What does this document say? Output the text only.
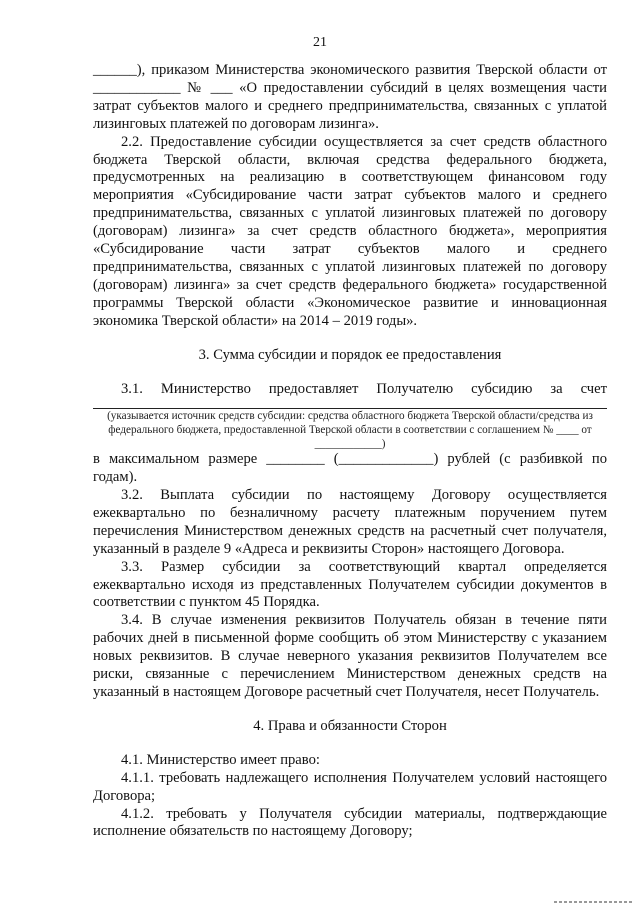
21

______), приказом Министерства экономического развития Тверской области от ____________ № ___ «О предоставлении субсидий в целях возмещения части затрат субъектов малого и среднего предпринимательства, связанных с уплатой лизинговых платежей по договорам лизинга».

2.2. Предоставление субсидии осуществляется за счет средств областного бюджета Тверской области, включая средства федерального бюджета, предусмотренных на реализацию в соответствующем финансовом году мероприятия «Субсидирование части затрат субъектов малого и среднего предпринимательства, связанных с уплатой лизинговых платежей по договору (договорам) лизинга» за счет средств областного бюджета», мероприятия «Субсидирование части затрат субъектов малого и среднего предпринимательства, связанных с уплатой лизинговых платежей по договору (договорам) лизинга» за счет средств федерального бюджета» государственной программы Тверской области «Экономическое развитие и инновационная экономика Тверской области» на 2014 – 2019 годы».

3. Сумма субсидии и порядок ее предоставления

3.1. Министерство предоставляет Получателю субсидию за счет

(указывается источник средств субсидии: средства областного бюджета Тверской области/средства из федерального бюджета, предоставленной Тверской области в соответствии с соглашением № ____ от ____________)

в максимальном размере ________ (_____________) рублей (с разбивкой по годам).

3.2. Выплата субсидии по настоящему Договору осуществляется ежеквартально по безналичному расчету платежным поручением путем перечисления Министерством денежных средств на расчетный счет получателя, указанный в разделе 9 «Адреса и реквизиты Сторон» настоящего Договора.

3.3. Размер субсидии за соответствующий квартал определяется ежеквартально исходя из представленных Получателем субсидии документов в соответствии с пунктом 45 Порядка.

3.4. В случае изменения реквизитов Получатель обязан в течение пяти рабочих дней в письменной форме сообщить об этом Министерству с указанием новых реквизитов. В случае неверного указания реквизитов Получателем все риски, связанные с перечислением Министерством денежных средств на указанный в настоящем Договоре расчетный счет Получателя, несет Получатель.

4. Права и обязанности Сторон

4.1. Министерство имеет право:

4.1.1. требовать надлежащего исполнения Получателем условий настоящего Договора;

4.1.2. требовать у Получателя субсидии материалы, подтверждающие исполнение обязательств по настоящему Договору;
